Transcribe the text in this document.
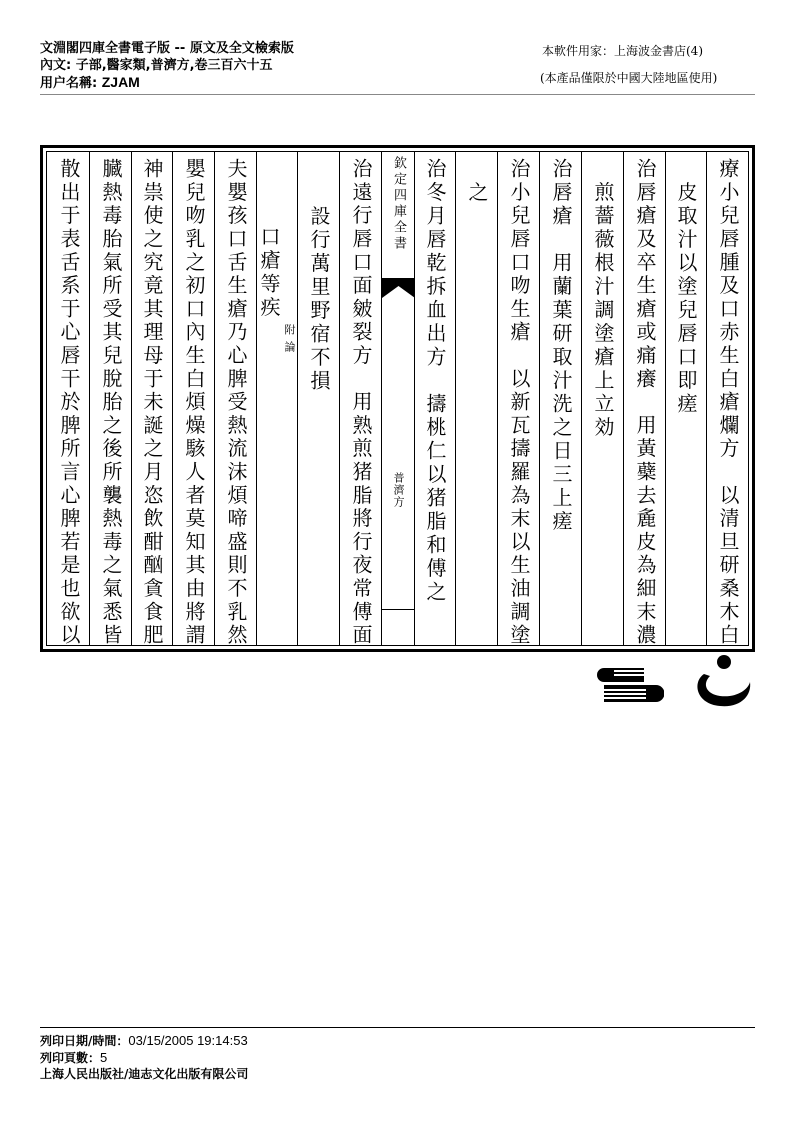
文淵閣四庫全書電子版 -- 原文及全文檢索版
內文: 子部,醫家類,普濟方,卷三百六十五
用户名稱: ZJAM
本軟件用家：上海波金書店(4)
(本產品僅限於中國大陸地區使用)
療小兒唇腫及口赤生白瘡爛方　以清旦研桑木白
　皮取汁以塗兒唇口即瘥
治唇瘡及卒生瘡或痛癢　用黃蘗去麁皮為細末濃
　煎薔薇根汁調塗瘡上立効
治唇瘡　用蘭葉研取汁洗之日三上瘥
治小兒唇口吻生瘡　以新瓦擣羅為末以生油調塗
　之
治冬月唇乾拆血出方　擣桃仁以猪脂和傅之
欽定四庫全書
普濟方
治遠行唇口面皴裂方　用熟煎猪脂將行夜常傅面
　設行萬里野宿不損
口瘡等疾
附論
夫嬰孩口舌生瘡乃心脾受熱流沫煩啼盛則不乳然
嬰兒吻乳之初口內生白煩燥駭人者莫知其由將謂
神祟使之究竟其理母于未誕之月恣飲酣酗貪食肥
臓熱毒胎氣所受其兒脫胎之後所襲熱毒之氣悉皆
散出于表舌系于心唇干於脾所言心脾若是也欲以
列印日期/時間：03/15/2005 19:14:53
列印頁數：5
上海人民出版社/迪志文化出版有限公司
